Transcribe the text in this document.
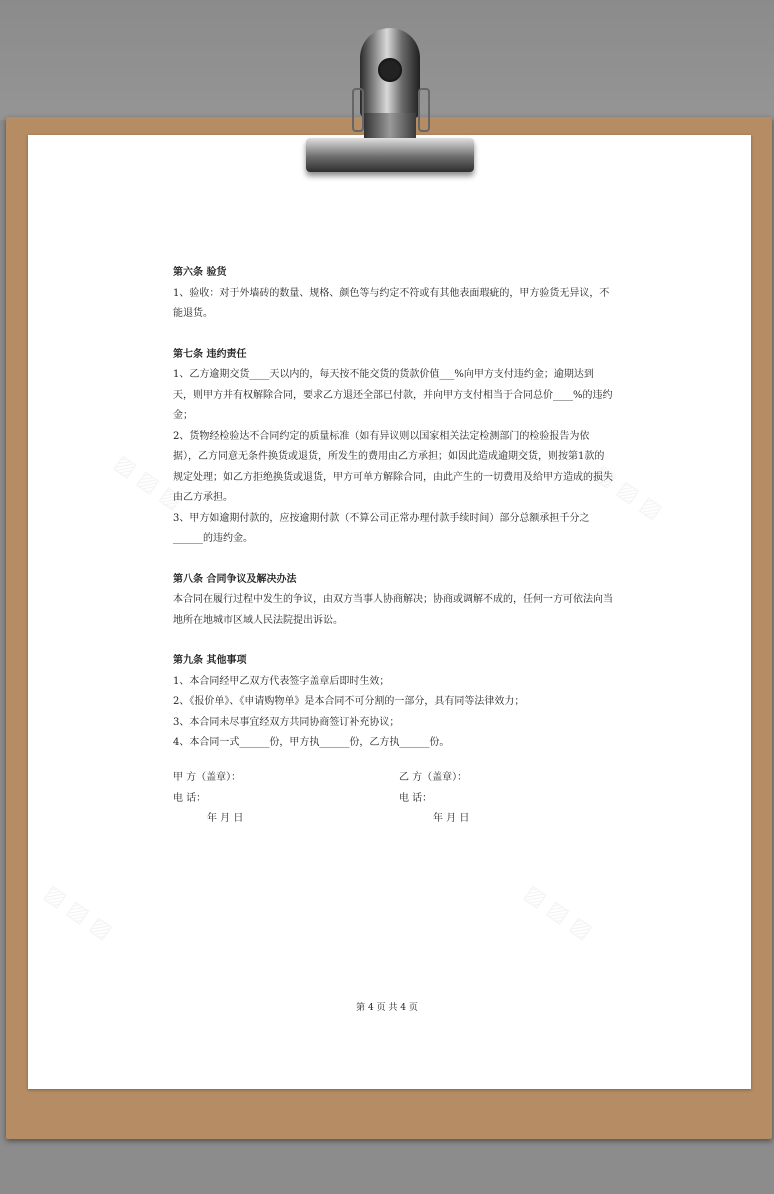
▨ ▨ ▨	▨ ▨ ▨
▨ ▨ ▨	▨ ▨ ▨
第六条 验货
1、验收：对于外墙砖的数量、规格、颜色等与约定不符或有其他表面瑕疵的，甲方验货无异议，不能退货。
第七条 违约责任
1、乙方逾期交货____天以内的，每天按不能交货的货款价值___%向甲方支付违约金；逾期达到天，则甲方并有权解除合同，要求乙方退还全部已付款，并向甲方支付相当于合同总价____%的违约金；
2、货物经检验达不合同约定的质量标准（如有异议则以国家相关法定检测部门的检验报告为依据），乙方同意无条件换货或退货，所发生的费用由乙方承担；如因此造成逾期交货，则按第1款的规定处理；如乙方拒绝换货或退货，甲方可单方解除合同，由此产生的一切费用及给甲方造成的损失由乙方承担。
3、甲方如逾期付款的，应按逾期付款（不算公司正常办理付款手续时间）部分总额承担千分之______的违约金。
第八条 合同争议及解决办法
本合同在履行过程中发生的争议，由双方当事人协商解决；协商或调解不成的，任何一方可依法向当地所在地城市区域人民法院提出诉讼。
第九条 其他事项
1、本合同经甲乙双方代表签字盖章后即时生效；
2、《报价单》、《申请购物单》是本合同不可分割的一部分，具有同等法律效力；
3、本合同未尽事宜经双方共同协商签订补充协议；
4、本合同一式______份，甲方执______份，乙方执______份。
甲 方（盖章）：
电 话：
年 月 日
乙 方（盖章）：
电 话：
年 月 日
第 4 页 共 4 页
